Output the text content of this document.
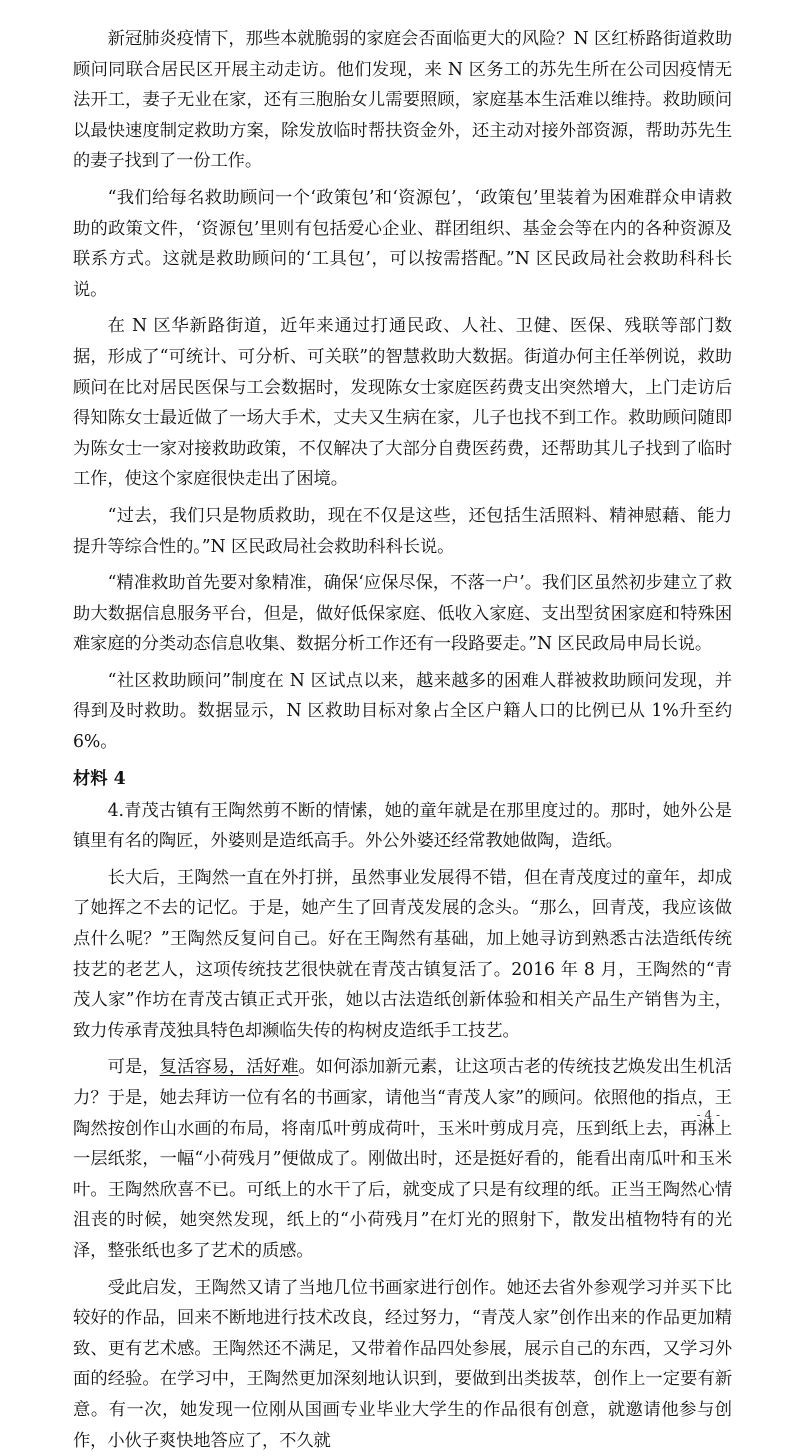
新冠肺炎疫情下，那些本就脆弱的家庭会否面临更大的风险？N 区红桥路街道救助顾问同联合居民区开展主动走访。他们发现，来 N 区务工的苏先生所在公司因疫情无法开工，妻子无业在家，还有三胞胎女儿需要照顾，家庭基本生活难以维持。救助顾问以最快速度制定救助方案，除发放临时帮扶资金外，还主动对接外部资源，帮助苏先生的妻子找到了一份工作。

“我们给每名救助顾问一个‘政策包’和‘资源包’，‘政策包’里装着为困难群众申请救助的政策文件，‘资源包’里则有包括爱心企业、群团组织、基金会等在内的各种资源及联系方式。这就是救助顾问的‘工具包’，可以按需搭配。”N 区民政局社会救助科科长说。

在 N 区华新路街道，近年来通过打通民政、人社、卫健、医保、残联等部门数据，形成了“可统计、可分析、可关联”的智慧救助大数据。街道办何主任举例说，救助顾问在比对居民医保与工会数据时，发现陈女士家庭医药费支出突然增大，上门走访后得知陈女士最近做了一场大手术，丈夫又生病在家，儿子也找不到工作。救助顾问随即为陈女士一家对接救助政策，不仅解决了大部分自费医药费，还帮助其儿子找到了临时工作，使这个家庭很快走出了困境。

“过去，我们只是物质救助，现在不仅是这些，还包括生活照料、精神慰藉、能力提升等综合性的。”N 区民政局社会救助科科长说。

“精准救助首先要对象精准，确保‘应保尽保，不落一户’。我们区虽然初步建立了救助大数据信息服务平台，但是，做好低保家庭、低收入家庭、支出型贫困家庭和特殊困难家庭的分类动态信息收集、数据分析工作还有一段路要走。”N 区民政局申局长说。

“社区救助顾问”制度在 N 区试点以来，越来越多的困难人群被救助顾问发现，并得到及时救助。数据显示，N 区救助目标对象占全区户籍人口的比例已从 1%升至约 6%。

材料 4

4.青茂古镇有王陶然剪不断的情愫，她的童年就是在那里度过的。那时，她外公是镇里有名的陶匠，外婆则是造纸高手。外公外婆还经常教她做陶，造纸。

长大后，王陶然一直在外打拼，虽然事业发展得不错，但在青茂度过的童年，却成了她挥之不去的记忆。于是，她产生了回青茂发展的念头。“那么，回青茂，我应该做点什么呢？”王陶然反复问自己。好在王陶然有基础，加上她寻访到熟悉古法造纸传统技艺的老艺人，这项传统技艺很快就在青茂古镇复活了。2016 年 8 月，王陶然的“青茂人家”作坊在青茂古镇正式开张，她以古法造纸创新体验和相关产品生产销售为主，致力传承青茂独具特色却濒临失传的构树皮造纸手工技艺。

可是，复活容易，活好难。如何添加新元素，让这项古老的传统技艺焕发出生机活力？于是，她去拜访一位有名的书画家，请他当“青茂人家”的顾问。依照他的指点，王陶然按创作山水画的布局，将南瓜叶剪成荷叶，玉米叶剪成月亮，压到纸上去，再淋上一层纸浆，一幅“小荷残月”便做成了。刚做出时，还是挺好看的，能看出南瓜叶和玉米叶。王陶然欣喜不已。可纸上的水干了后，就变成了只是有纹理的纸。正当王陶然心情沮丧的时候，她突然发现，纸上的“小荷残月”在灯光的照射下，散发出植物特有的光泽，整张纸也多了艺术的质感。

受此启发，王陶然又请了当地几位书画家进行创作。她还去省外参观学习并买下比较好的作品，回来不断地进行技术改良，经过努力，“青茂人家”创作出来的作品更加精致、更有艺术感。王陶然还不满足，又带着作品四处参展，展示自己的东西，又学习外面的经验。在学习中，王陶然更加深刻地认识到，要做到出类拔萃，创作上一定要有新意。有一次，她发现一位刚从国画专业毕业大学生的作品很有创意，就邀请他参与创作，小伙子爽快地答应了，不久就

- 4 -
